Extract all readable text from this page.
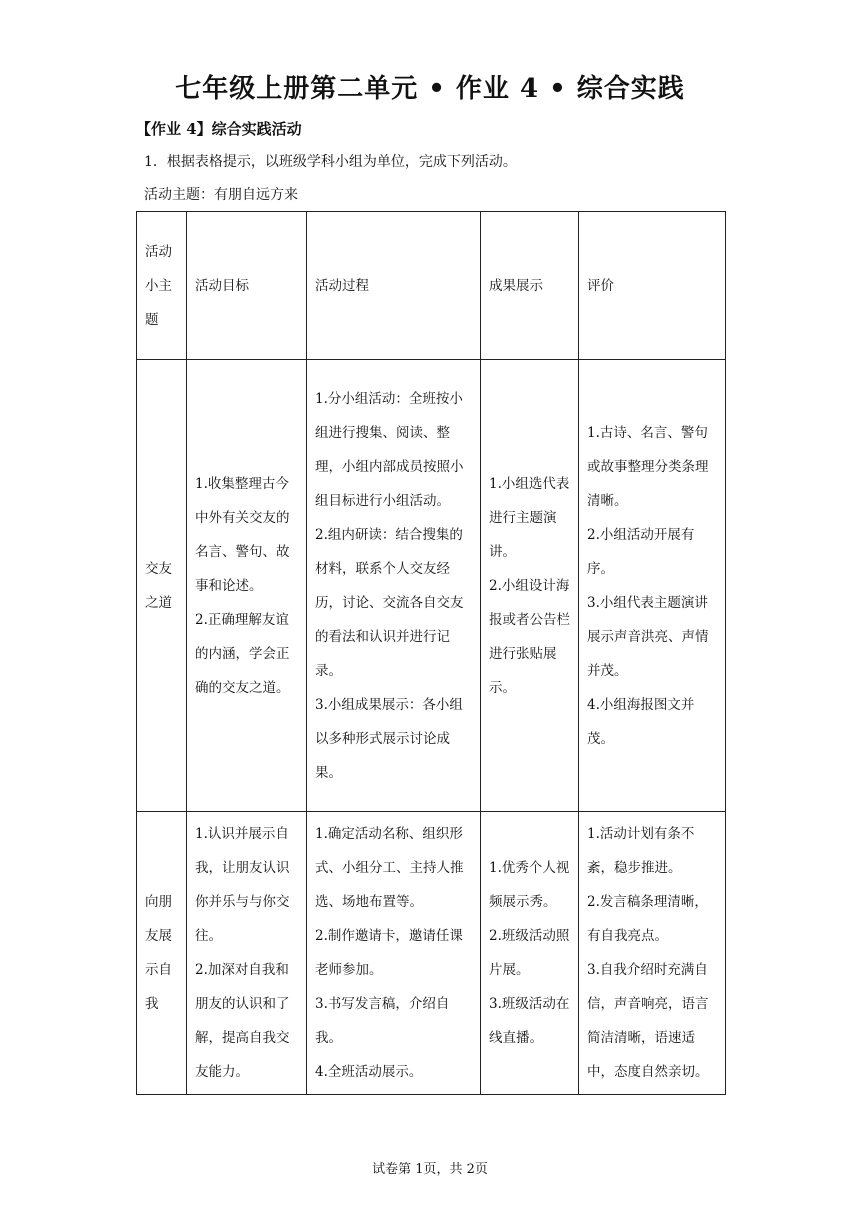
七年级上册第二单元 • 作业 4 • 综合实践
【作业 4】综合实践活动
1．根据表格提示，以班级学科小组为单位，完成下列活动。
活动主题：有朋自远方来
活动小主题	活动目标	活动过程	成果展示	评价
交友之道	1.收集整理古今中外有关交友的名言、警句、故事和论述。
2.正确理解友谊的内涵，学会正确的交友之道。	1.分小组活动：全班按小组进行搜集、阅读、整理，小组内部成员按照小组目标进行小组活动。
2.组内研读：结合搜集的材料，联系个人交友经历，讨论、交流各自交友的看法和认识并进行记录。
3.小组成果展示：各小组以多种形式展示讨论成果。	1.小组选代表进行主题演讲。
2.小组设计海报或者公告栏进行张贴展示。	1.古诗、名言、警句或故事整理分类条理清晰。
2.小组活动开展有序。
3.小组代表主题演讲展示声音洪亮、声情并茂。
4.小组海报图文并茂。

向朋友展示自我	1.认识并展示自我，让朋友认识你并乐与与你交往。
2.加深对自我和朋友的认识和了解，提高自我交友能力。	1.确定活动名称、组织形式、小组分工、主持人推选、场地布置等。
2.制作邀请卡，邀请任课老师参加。
3.书写发言稿，介绍自我。
4.全班活动展示。	1.优秀个人视频展示秀。
2.班级活动照片展。
3.班级活动在线直播。	1.活动计划有条不紊，稳步推进。
2.发言稿条理清晰，有自我亮点。
3.自我介绍时充满自信，声音响亮，语言简洁清晰，语速适中，态度自然亲切。
试卷第 1页，共 2页
